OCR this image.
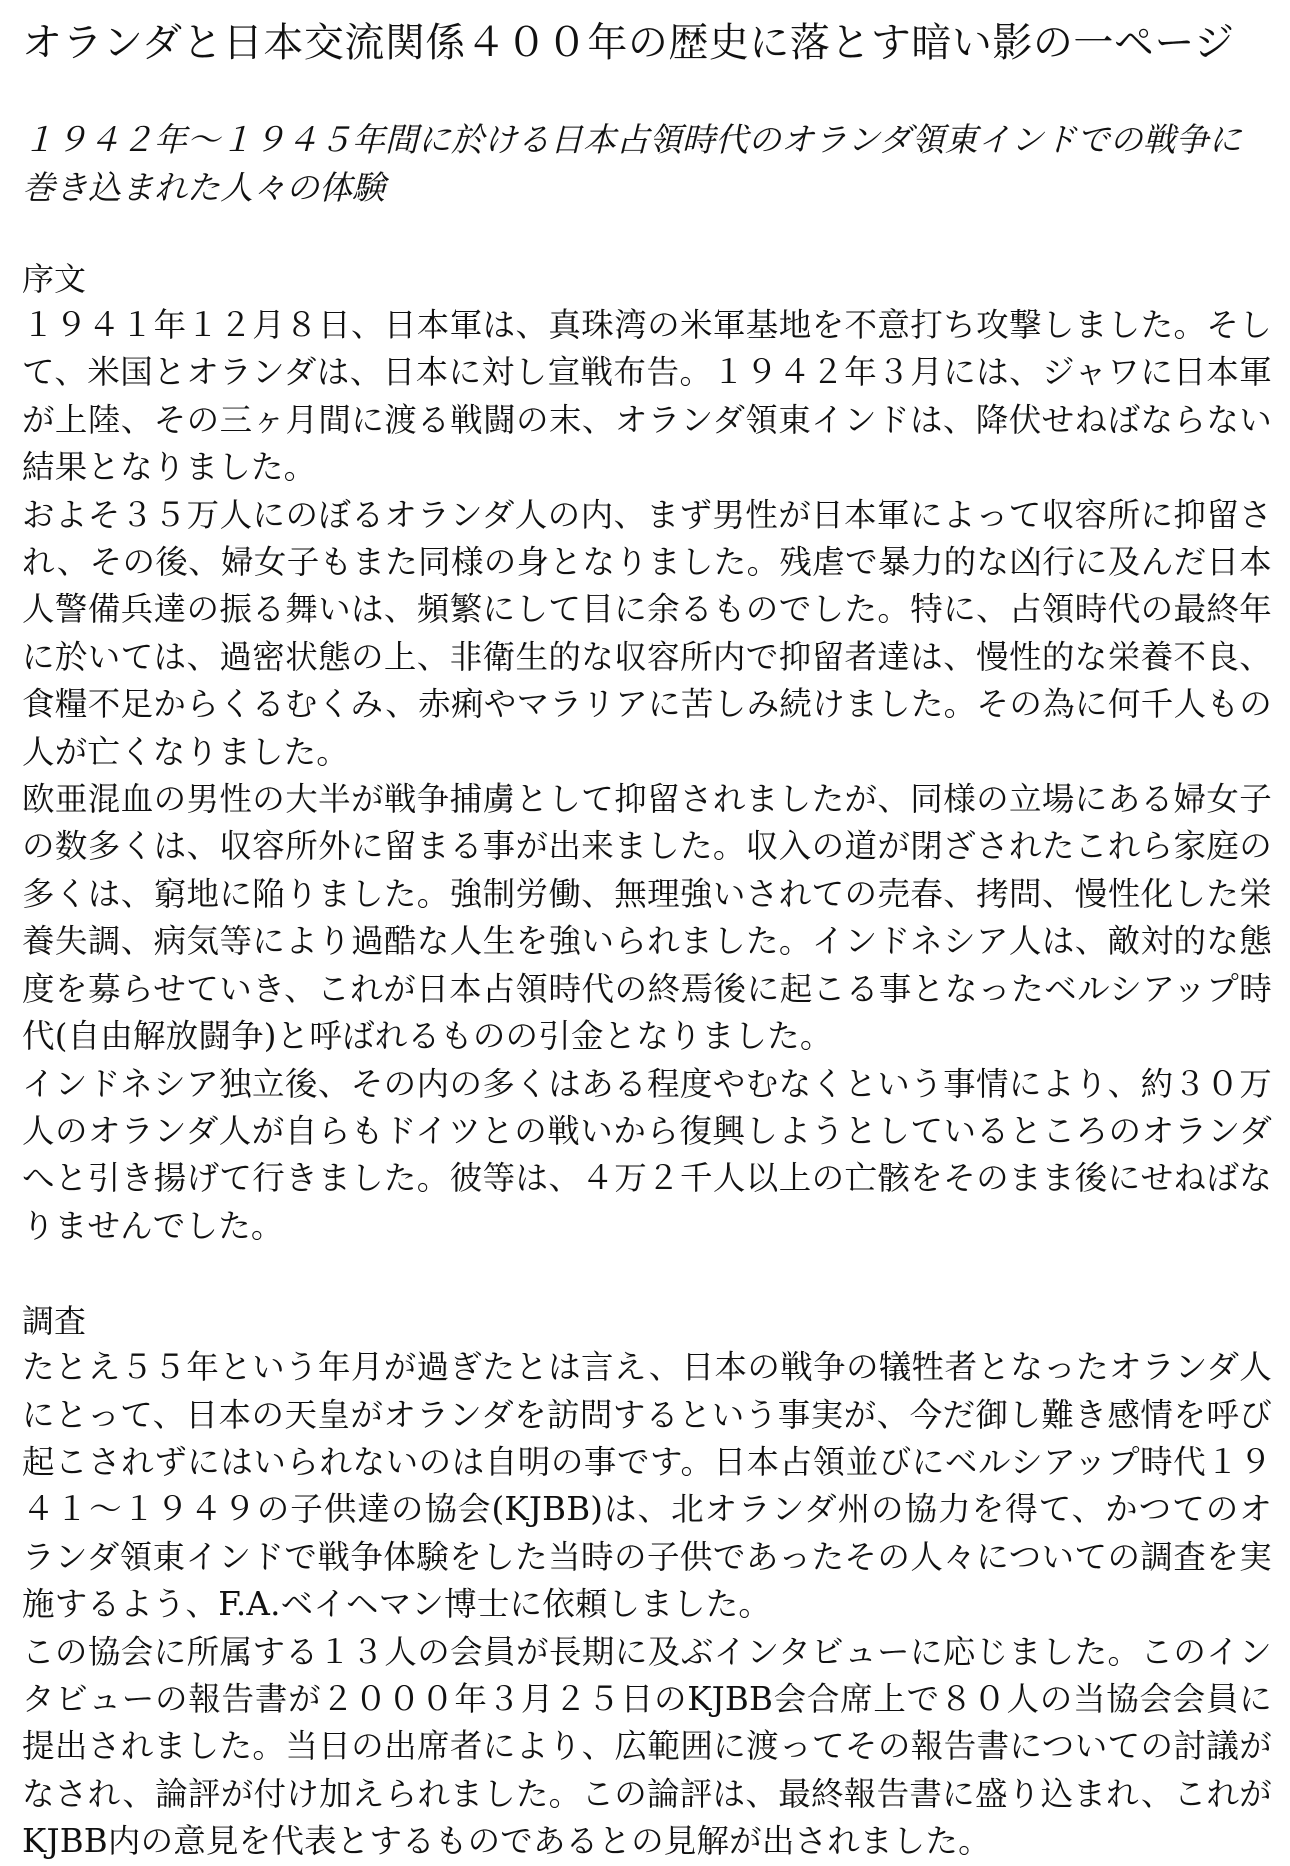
オランダと日本交流関係４００年の歴史に落とす暗い影の一ページ
１９４２年～１９４５年間に於ける日本占領時代のオランダ領東インドでの戦争に巻き込まれた人々の体験
序文

１９４１年１２月８日、日本軍は、真珠湾の米軍基地を不意打ち攻撃しました。そして、米国とオランダは、日本に対し宣戦布告。１９４２年３月には、ジャワに日本軍が上陸、その三ヶ月間に渡る戦闘の末、オランダ領東インドは、降伏せねばならない結果となりました。

およそ３５万人にのぼるオランダ人の内、まず男性が日本軍によって収容所に抑留され、その後、婦女子もまた同様の身となりました。残虐で暴力的な凶行に及んだ日本人警備兵達の振る舞いは、頻繁にして目に余るものでした。特に、占領時代の最終年に於いては、過密状態の上、非衛生的な収容所内で抑留者達は、慢性的な栄養不良、食糧不足からくるむくみ、赤痢やマラリアに苦しみ続けました。その為に何千人もの人が亡くなりました。

欧亜混血の男性の大半が戦争捕虜として抑留されましたが、同様の立場にある婦女子の数多くは、収容所外に留まる事が出来ました。収入の道が閉ざされたこれら家庭の多くは、窮地に陥りました。強制労働、無理強いされての売春、拷問、慢性化した栄養失調、病気等により過酷な人生を強いられました。インドネシア人は、敵対的な態度を募らせていき、これが日本占領時代の終焉後に起こる事となったベルシアップ時代(自由解放闘争)と呼ばれるものの引金となりました。

インドネシア独立後、その内の多くはある程度やむなくという事情により、約３０万人のオランダ人が自らもドイツとの戦いから復興しようとしているところのオランダへと引き揚げて行きました。彼等は、４万２千人以上の亡骸をそのまま後にせねばなりませんでした。

調査

たとえ５５年という年月が過ぎたとは言え、日本の戦争の犠牲者となったオランダ人にとって、日本の天皇がオランダを訪問するという事実が、今だ御し難き感情を呼び起こされずにはいられないのは自明の事です。日本占領並びにベルシアップ時代１９４１～１９４９の子供達の協会(KJBB)は、北オランダ州の協力を得て、かつてのオランダ領東インドで戦争体験をした当時の子供であったその人々についての調査を実施するよう、F.A.ベイヘマン博士に依頼しました。

この協会に所属する１３人の会員が長期に及ぶインタビューに応じました。このインタビューの報告書が２０００年３月２５日のKJBB会合席上で８０人の当協会会員に提出されました。当日の出席者により、広範囲に渡ってその報告書についての討議がなされ、論評が付け加えられました。この論評は、最終報告書に盛り込まれ、これがKJBB内の意見を代表とするものであるとの見解が出されました。
